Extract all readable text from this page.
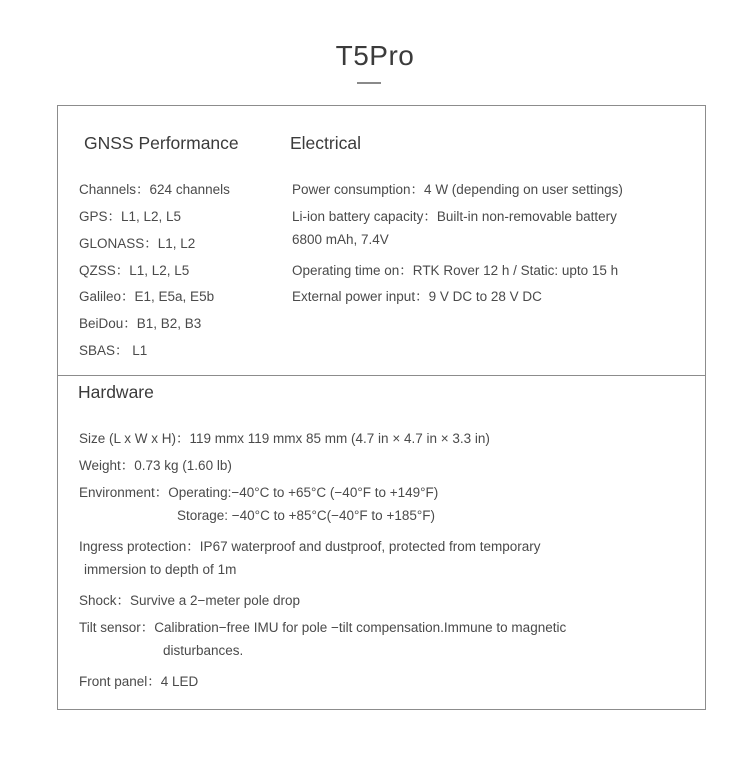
T5Pro
GNSS Performance	Electrical
Channels：624 channels
GPS：L1, L2, L5
GLONASS：L1, L2
QZSS：L1, L2, L5
Galileo：E1, E5a, E5b
BeiDou：B1, B2, B3
SBAS： L1
Power consumption：4 W (depending on user settings)
Li-ion battery capacity：Built-in non-removable battery
6800 mAh, 7.4V
Operating time on：RTK Rover 12 h / Static: upto 15 h
External power input：9 V DC to 28 V DC
Hardware
Size (L x W x H)：119 mmx 119 mmx 85 mm (4.7 in × 4.7 in × 3.3 in)
Weight：0.73 kg (1.60 lb)
Environment：Operating:−40°C to +65°C (−40°F to +149°F)
Storage: −40°C to +85°C(−40°F to +185°F)
Ingress protection：IP67 waterproof and dustproof, protected from temporary
immersion to depth of 1m
Shock：Survive a 2−meter pole drop
Tilt sensor：Calibration−free IMU for pole −tilt compensation.Immune to magnetic
disturbances.
Front panel：4 LED
